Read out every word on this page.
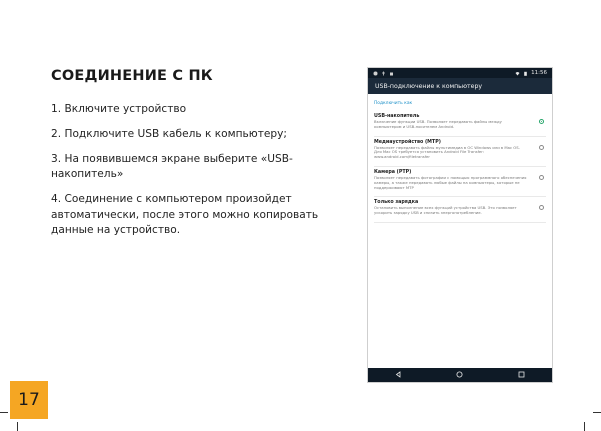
СОЕДИНЕНИЕ С ПК

1. Включите устройство

2. Подключите USB кабель к компьютеру;

3. На появившемся экране выберите «USB-накопитель»

4. Соединение с компьютером произойдет автоматически, после этого можно копировать данные на устройство.

11:56
USB-подключение к компьютеру
Подключить как
USB-накопитель
Включение функции USB. Позволяет передавать файлы между компьютером и USB-носителем Android.
Медиаустройство (MTP)
Позволяет передавать файлы мультимедиа в ОС Windows или в Mac OS. Для Mac OS требуется установить Android File Transfer: www.android.com/filetransfer
Камера (PTP)
Позволяет передавать фотографии с помощью программного обеспечения камеры, а также передавать любые файлы на компьютеры, которые не поддерживают MTP
Только зарядка
Остановить выполнение всех функций устройства USB. Это позволяет ускорить зарядку USB и снизить энергопотребление.
17
